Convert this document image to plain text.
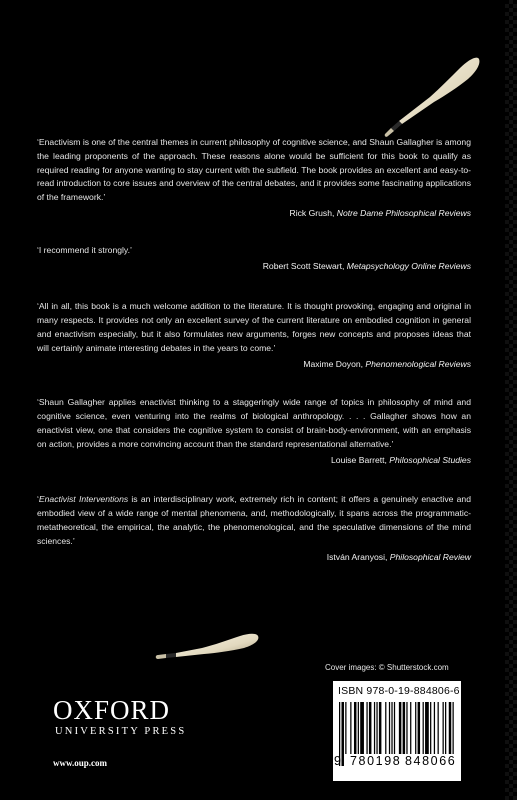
‘Enactivism is one of the central themes in current philosophy of cognitive science, and Shaun Gallagher is among the leading proponents of the approach. These reasons alone would be sufficient for this book to qualify as required reading for anyone wanting to stay current with the subfield. The book provides an excellent and easy-to-read introduction to core issues and overview of the central debates, and it provides some fascinating applications of the framework.’

Rick Grush, Notre Dame Philosophical Reviews

‘I recommend it strongly.’

Robert Scott Stewart, Metapsychology Online Reviews

‘All in all, this book is a much welcome addition to the literature. It is thought provoking, engaging and original in many respects. It provides not only an excellent survey of the current literature on embodied cognition in general and enactivism especially, but it also formulates new arguments, forges new concepts and proposes ideas that will certainly animate interesting debates in the years to come.’

Maxime Doyon, Phenomenological Reviews

‘Shaun Gallagher applies enactivist thinking to a staggeringly wide range of topics in philosophy of mind and cognitive science, even venturing into the realms of biological anthropology. . . . Gallagher shows how an enactivist view, one that considers the cognitive system to consist of brain-body-environment, with an emphasis on action, provides a more convincing account than the standard representational alternative.’

Louise Barrett, Philosophical Studies

‘Enactivist Interventions is an interdisciplinary work, extremely rich in content; it offers a genuinely enactive and embodied view of a wide range of mental phenomena, and, methodologically, it spans across the programmatic-metatheoretical, the empirical, the analytic, the phenomenological, and the speculative dimensions of the mind sciences.’

István Aranyosi, Philosophical Review
Cover images: © Shutterstock.com
OXFORD
UNIVERSITY PRESS
www.oup.com
ISBN 978-0-19-884806-6
9 780198 848066
